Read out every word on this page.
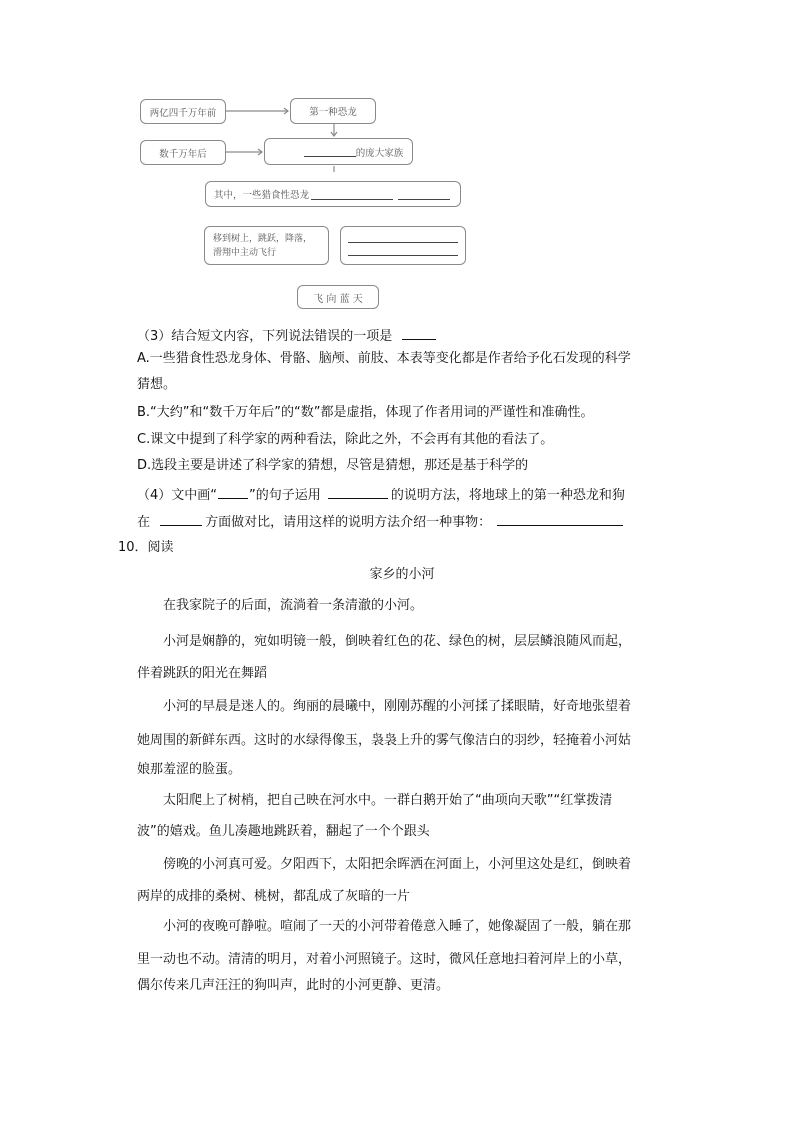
两亿四千万年前	第一种恐龙
数千万年后	的庞大家族
其中，一些猎食性恐龙
移到树上，跳跃，降落，
滑翔中主动飞行
飞 向 蓝 天
（3）结合短文内容，下列说法错误的一项是
A.一些猎食性恐龙身体、骨骼、脑颅、前肢、本表等变化都是作者给予化石发现的科学
猜想。
B.“大约”和“数千万年后”的“数”都是虚指，体现了作者用词的严谨性和准确性。
C.课文中提到了科学家的两种看法，除此之外，不会再有其他的看法了。
D.选段主要是讲述了科学家的猜想，尽管是猜想，那还是基于科学的
（4）文中画“ ”的句子运用	的说明方法，将地球上的第一种恐龙和狗
在	方面做对比，请用这样的说明方法介绍一种事物：
10．阅读
家乡的小河
在我家院子的后面，流淌着一条清澈的小河。
小河是娴静的，宛如明镜一般，倒映着红色的花、绿色的树，层层鳞浪随风而起，
伴着跳跃的阳光在舞蹈
小河的早晨是迷人的。绚丽的晨曦中，刚刚苏醒的小河揉了揉眼睛，好奇地张望着
她周围的新鲜东西。这时的水绿得像玉，袅袅上升的雾气像洁白的羽纱，轻掩着小河姑
娘那羞涩的脸蛋。
太阳爬上了树梢，把自己映在河水中。一群白鹅开始了“曲项向天歌”“红掌拨清
波”的嬉戏。鱼儿凑趣地跳跃着，翻起了一个个跟头
傍晚的小河真可爱。夕阳西下，太阳把余晖洒在河面上，小河里这处是红，倒映着
两岸的成排的桑树、桃树，都乱成了灰暗的一片
小河的夜晚可静啦。喧闹了一天的小河带着倦意入睡了，她像凝固了一般，躺在那
里一动也不动。清清的明月，对着小河照镜子。这时，微风任意地扫着河岸上的小草，
偶尔传来几声汪汪的狗叫声，此时的小河更静、更清。
